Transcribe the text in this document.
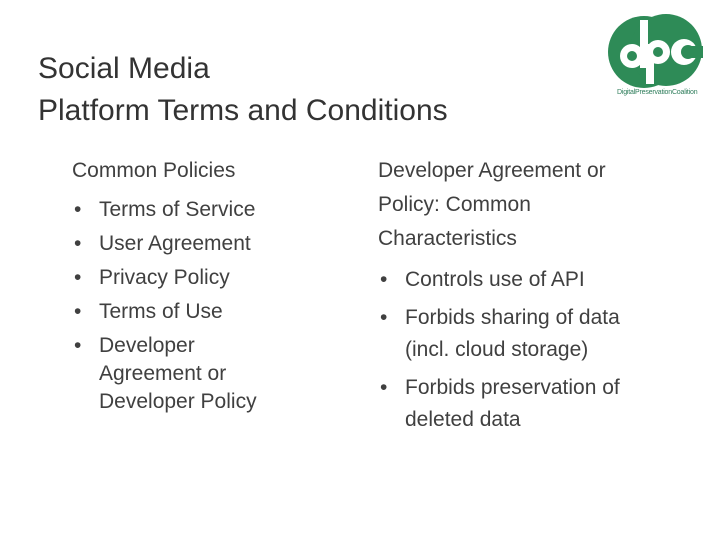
Social Media
Platform Terms and Conditions
DigitalPreservationCoalition
Common Policies
• Terms of Service
• User Agreement
• Privacy Policy
• Terms of Use
• Developer
Agreement or
Developer Policy
Developer Agreement or
Policy: Common
Characteristics
• Controls use of API
• Forbids sharing of data
(incl. cloud storage)
• Forbids preservation of
deleted data
